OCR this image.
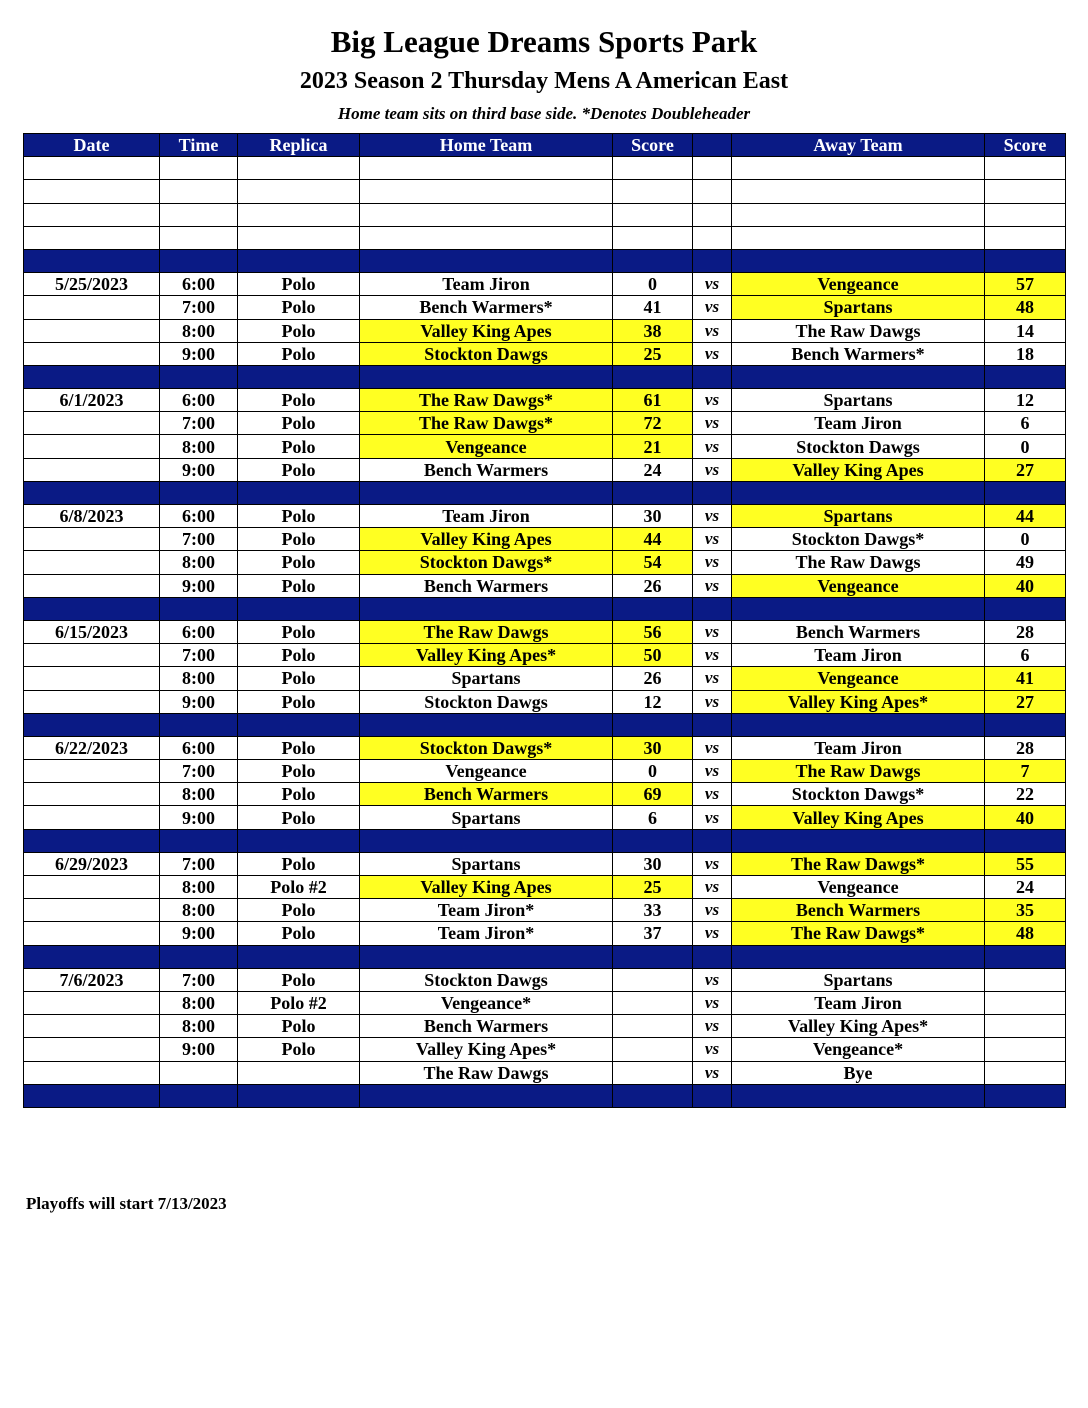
Big League Dreams Sports Park
2023 Season 2 Thursday Mens A American East
Home team sits on third base side. *Denotes Doubleheader
Date	Time	Replica	Home Team	Score		Away Team	Score

5/25/2023	6:00	Polo	Team Jiron	0	vs	Vengeance	57
	7:00	Polo	Bench Warmers*	41	vs	Spartans	48
	8:00	Polo	Valley King Apes	38	vs	The Raw Dawgs	14
	9:00	Polo	Stockton Dawgs	25	vs	Bench Warmers*	18

6/1/2023	6:00	Polo	The Raw Dawgs*	61	vs	Spartans	12
	7:00	Polo	The Raw Dawgs*	72	vs	Team Jiron	6
	8:00	Polo	Vengeance	21	vs	Stockton Dawgs	0
	9:00	Polo	Bench Warmers	24	vs	Valley King Apes	27

6/8/2023	6:00	Polo	Team Jiron	30	vs	Spartans	44
	7:00	Polo	Valley King Apes	44	vs	Stockton Dawgs*	0
	8:00	Polo	Stockton Dawgs*	54	vs	The Raw Dawgs	49
	9:00	Polo	Bench Warmers	26	vs	Vengeance	40

6/15/2023	6:00	Polo	The Raw Dawgs	56	vs	Bench Warmers	28
	7:00	Polo	Valley King Apes*	50	vs	Team Jiron	6
	8:00	Polo	Spartans	26	vs	Vengeance	41
	9:00	Polo	Stockton Dawgs	12	vs	Valley King Apes*	27

6/22/2023	6:00	Polo	Stockton Dawgs*	30	vs	Team Jiron	28
	7:00	Polo	Vengeance	0	vs	The Raw Dawgs	7
	8:00	Polo	Bench Warmers	69	vs	Stockton Dawgs*	22
	9:00	Polo	Spartans	6	vs	Valley King Apes	40

6/29/2023	7:00	Polo	Spartans	30	vs	The Raw Dawgs*	55
	8:00	Polo #2	Valley King Apes	25	vs	Vengeance	24
	8:00	Polo	Team Jiron*	33	vs	Bench Warmers	35
	9:00	Polo	Team Jiron*	37	vs	The Raw Dawgs*	48

7/6/2023	7:00	Polo	Stockton Dawgs		vs	Spartans	
	8:00	Polo #2	Vengeance*		vs	Team Jiron	
	8:00	Polo	Bench Warmers		vs	Valley King Apes*	
	9:00	Polo	Valley King Apes*		vs	Vengeance*	
			The Raw Dawgs		vs	Bye	

Playoffs will start 7/13/2023
